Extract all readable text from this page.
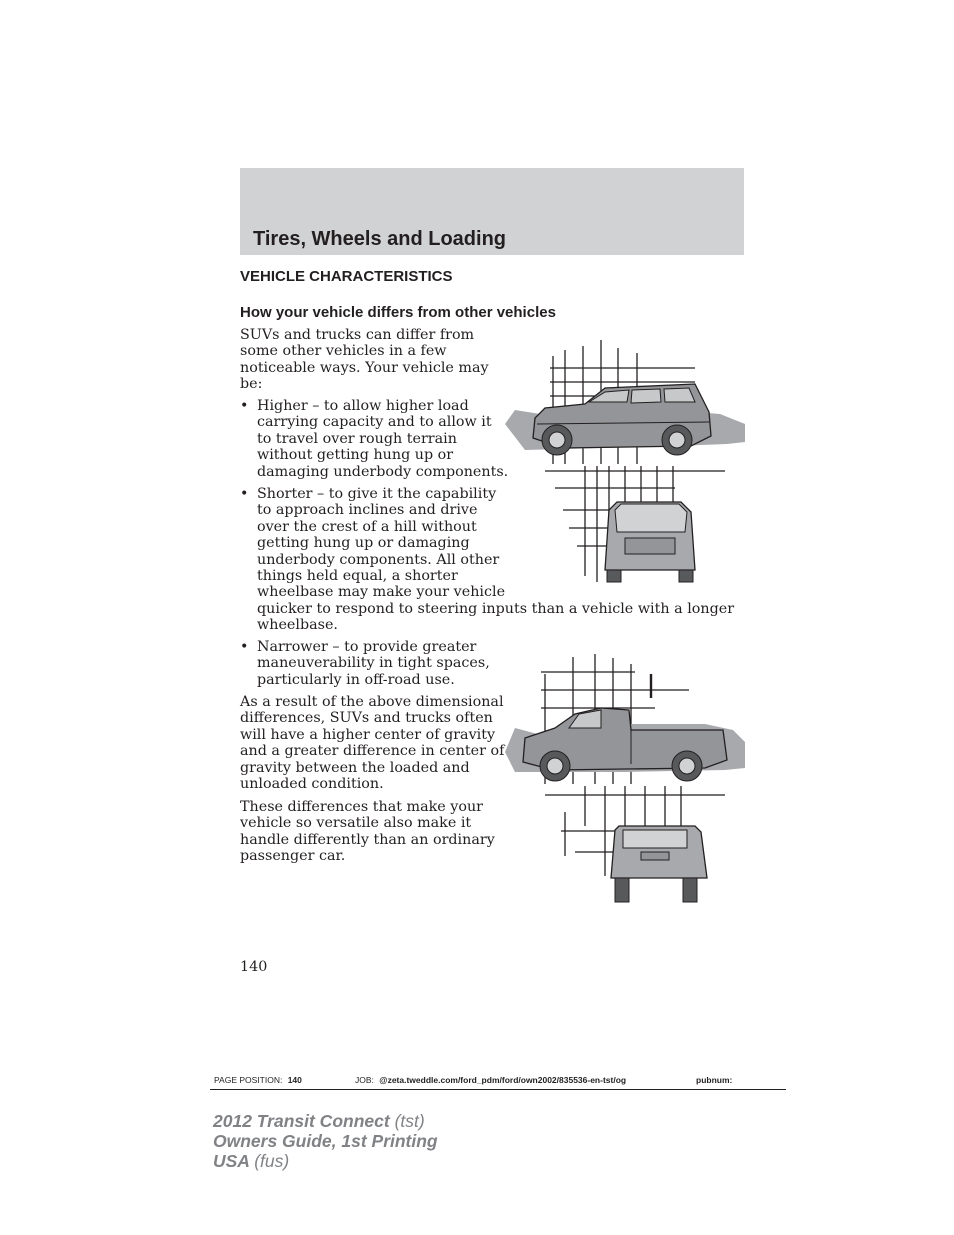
Tires, Wheels and Loading
VEHICLE CHARACTERISTICS
How your vehicle differs from other vehicles

SUVs and trucks can differ from
some other vehicles in a few
noticeable ways. Your vehicle may
be:

• Higher – to allow higher load
carrying capacity and to allow it
to travel over rough terrain
without getting hung up or
damaging underbody components.
• Shorter – to give it the capability
to approach inclines and drive
over the crest of a hill without
getting hung up or damaging
underbody components. All other
things held equal, a shorter
wheelbase may make your vehicle
quicker to respond to steering inputs than a vehicle with a longer
wheelbase.
• Narrower – to provide greater
maneuverability in tight spaces,
particularly in off-road use.

As a result of the above dimensional
differences, SUVs and trucks often
will have a higher center of gravity
and a greater difference in center of
gravity between the loaded and
unloaded condition.

These differences that make your
vehicle so versatile also make it
handle differently than an ordinary
passenger car.

140

PAGE POSITION: 140	JOB: @zeta.tweddle.com/ford_pdm/ford/own2002/835536-en-tst/og	pubnum:
2012 Transit Connect (tst)
Owners Guide, 1st Printing
USA (fus)
